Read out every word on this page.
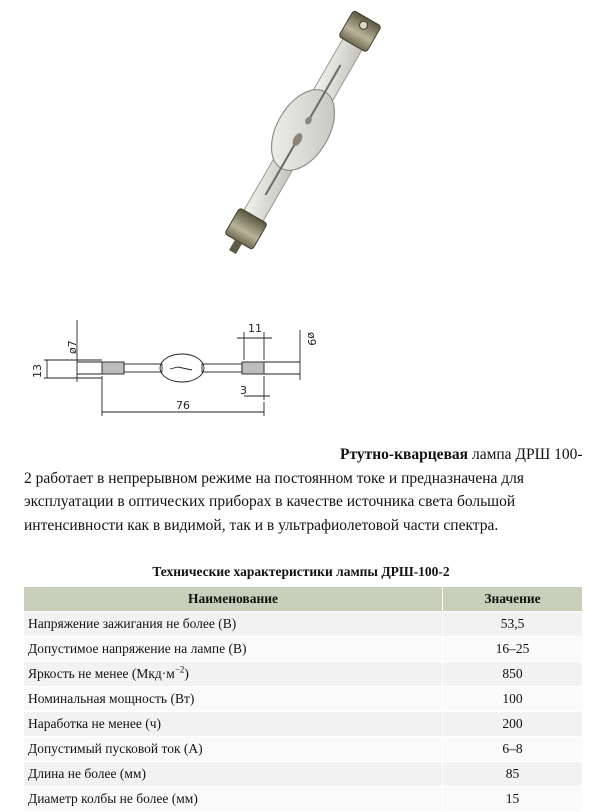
ø7
13
11
ø9
3
76

Ртутно-кварцевая лампа ДРШ 100-
2 работает в непрерывном режиме на постоянном токе и предназначена для
эксплуатации в оптических приборах в качестве источника света большой
интенсивности как в видимой, так и в ультрафиолетовой части спектра.

Технические характеристики лампы ДРШ-100-2

Наименование	Значение
Напряжение зажигания не более (В)	53,5
Допустимое напряжение на лампе (В)	16–25
Яркость не менее $(Мкд\cdot м^{-2})$	850
Номинальная мощность (Вт)	100
Наработка не менее (ч)	200
Допустимый пусковой ток (А)	6–8
Длина не более (мм)	85
Диаметр колбы не более (мм)	15
